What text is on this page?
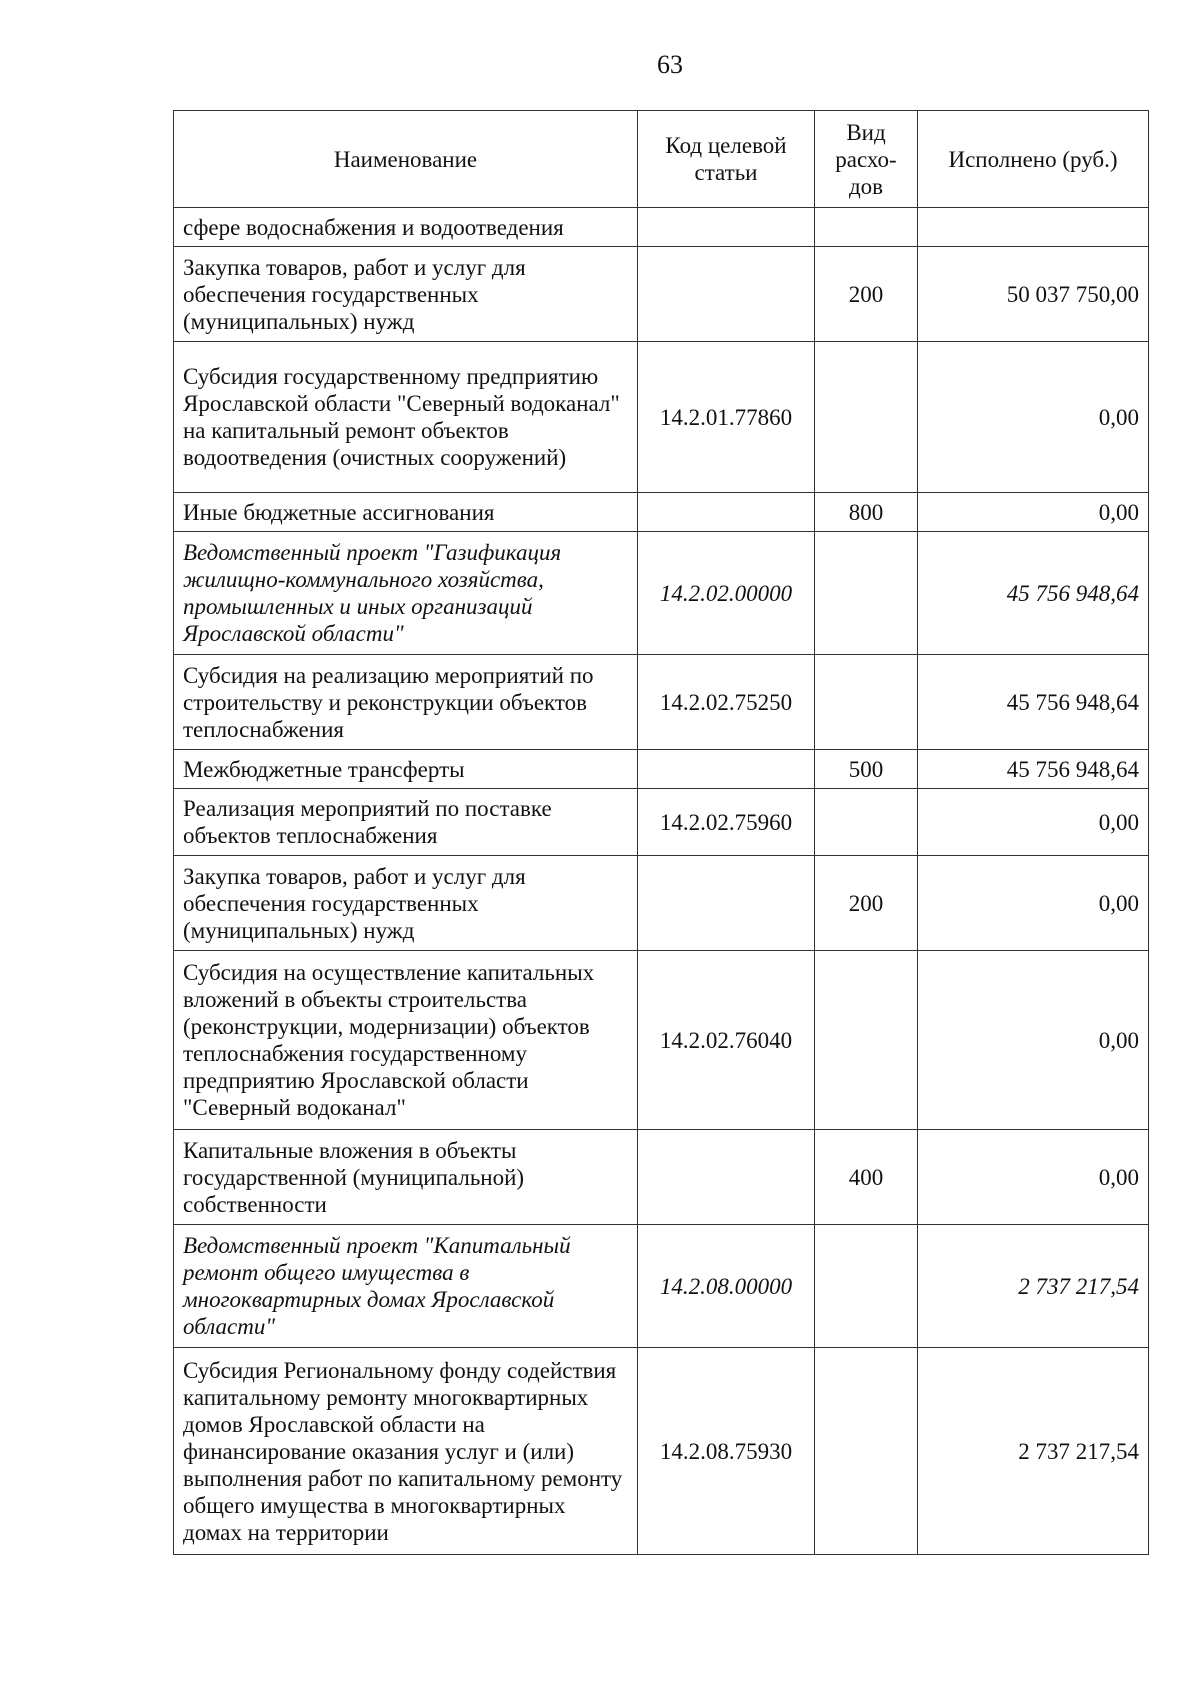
63
Наименование	Код целевой статьи	Вид расхо-дов	Исполнено (руб.)
сфере водоснабжения и водоотведения			
Закупка товаров, работ и услуг для обеспечения государственных (муниципальных) нужд		200	50 037 750,00
Субсидия государственному предприятию Ярославской области "Северный водоканал" на капитальный ремонт объектов водоотведения (очистных сооружений)	14.2.01.77860		0,00
Иные бюджетные ассигнования		800	0,00
Ведомственный проект "Газификация жилищно-коммунального хозяйства, промышленных и иных организаций Ярославской области"	14.2.02.00000		45 756 948,64
Субсидия на реализацию мероприятий по строительству и реконструкции объектов теплоснабжения	14.2.02.75250		45 756 948,64
Межбюджетные трансферты		500	45 756 948,64
Реализация мероприятий по поставке объектов теплоснабжения	14.2.02.75960		0,00
Закупка товаров, работ и услуг для обеспечения государственных (муниципальных) нужд		200	0,00
Субсидия на осуществление капитальных вложений в объекты строительства (реконструкции, модернизации) объектов теплоснабжения государственному предприятию Ярославской области "Северный водоканал"	14.2.02.76040		0,00
Капитальные вложения в объекты государственной (муниципальной) собственности		400	0,00
Ведомственный проект "Капитальный ремонт общего имущества в многоквартирных домах Ярославской области"	14.2.08.00000		2 737 217,54
Субсидия Региональному фонду содействия капитальному ремонту многоквартирных домов Ярославской области на финансирование оказания услуг и (или) выполнения работ по капитальному ремонту общего имущества в многоквартирных домах на территории	14.2.08.75930		2 737 217,54
